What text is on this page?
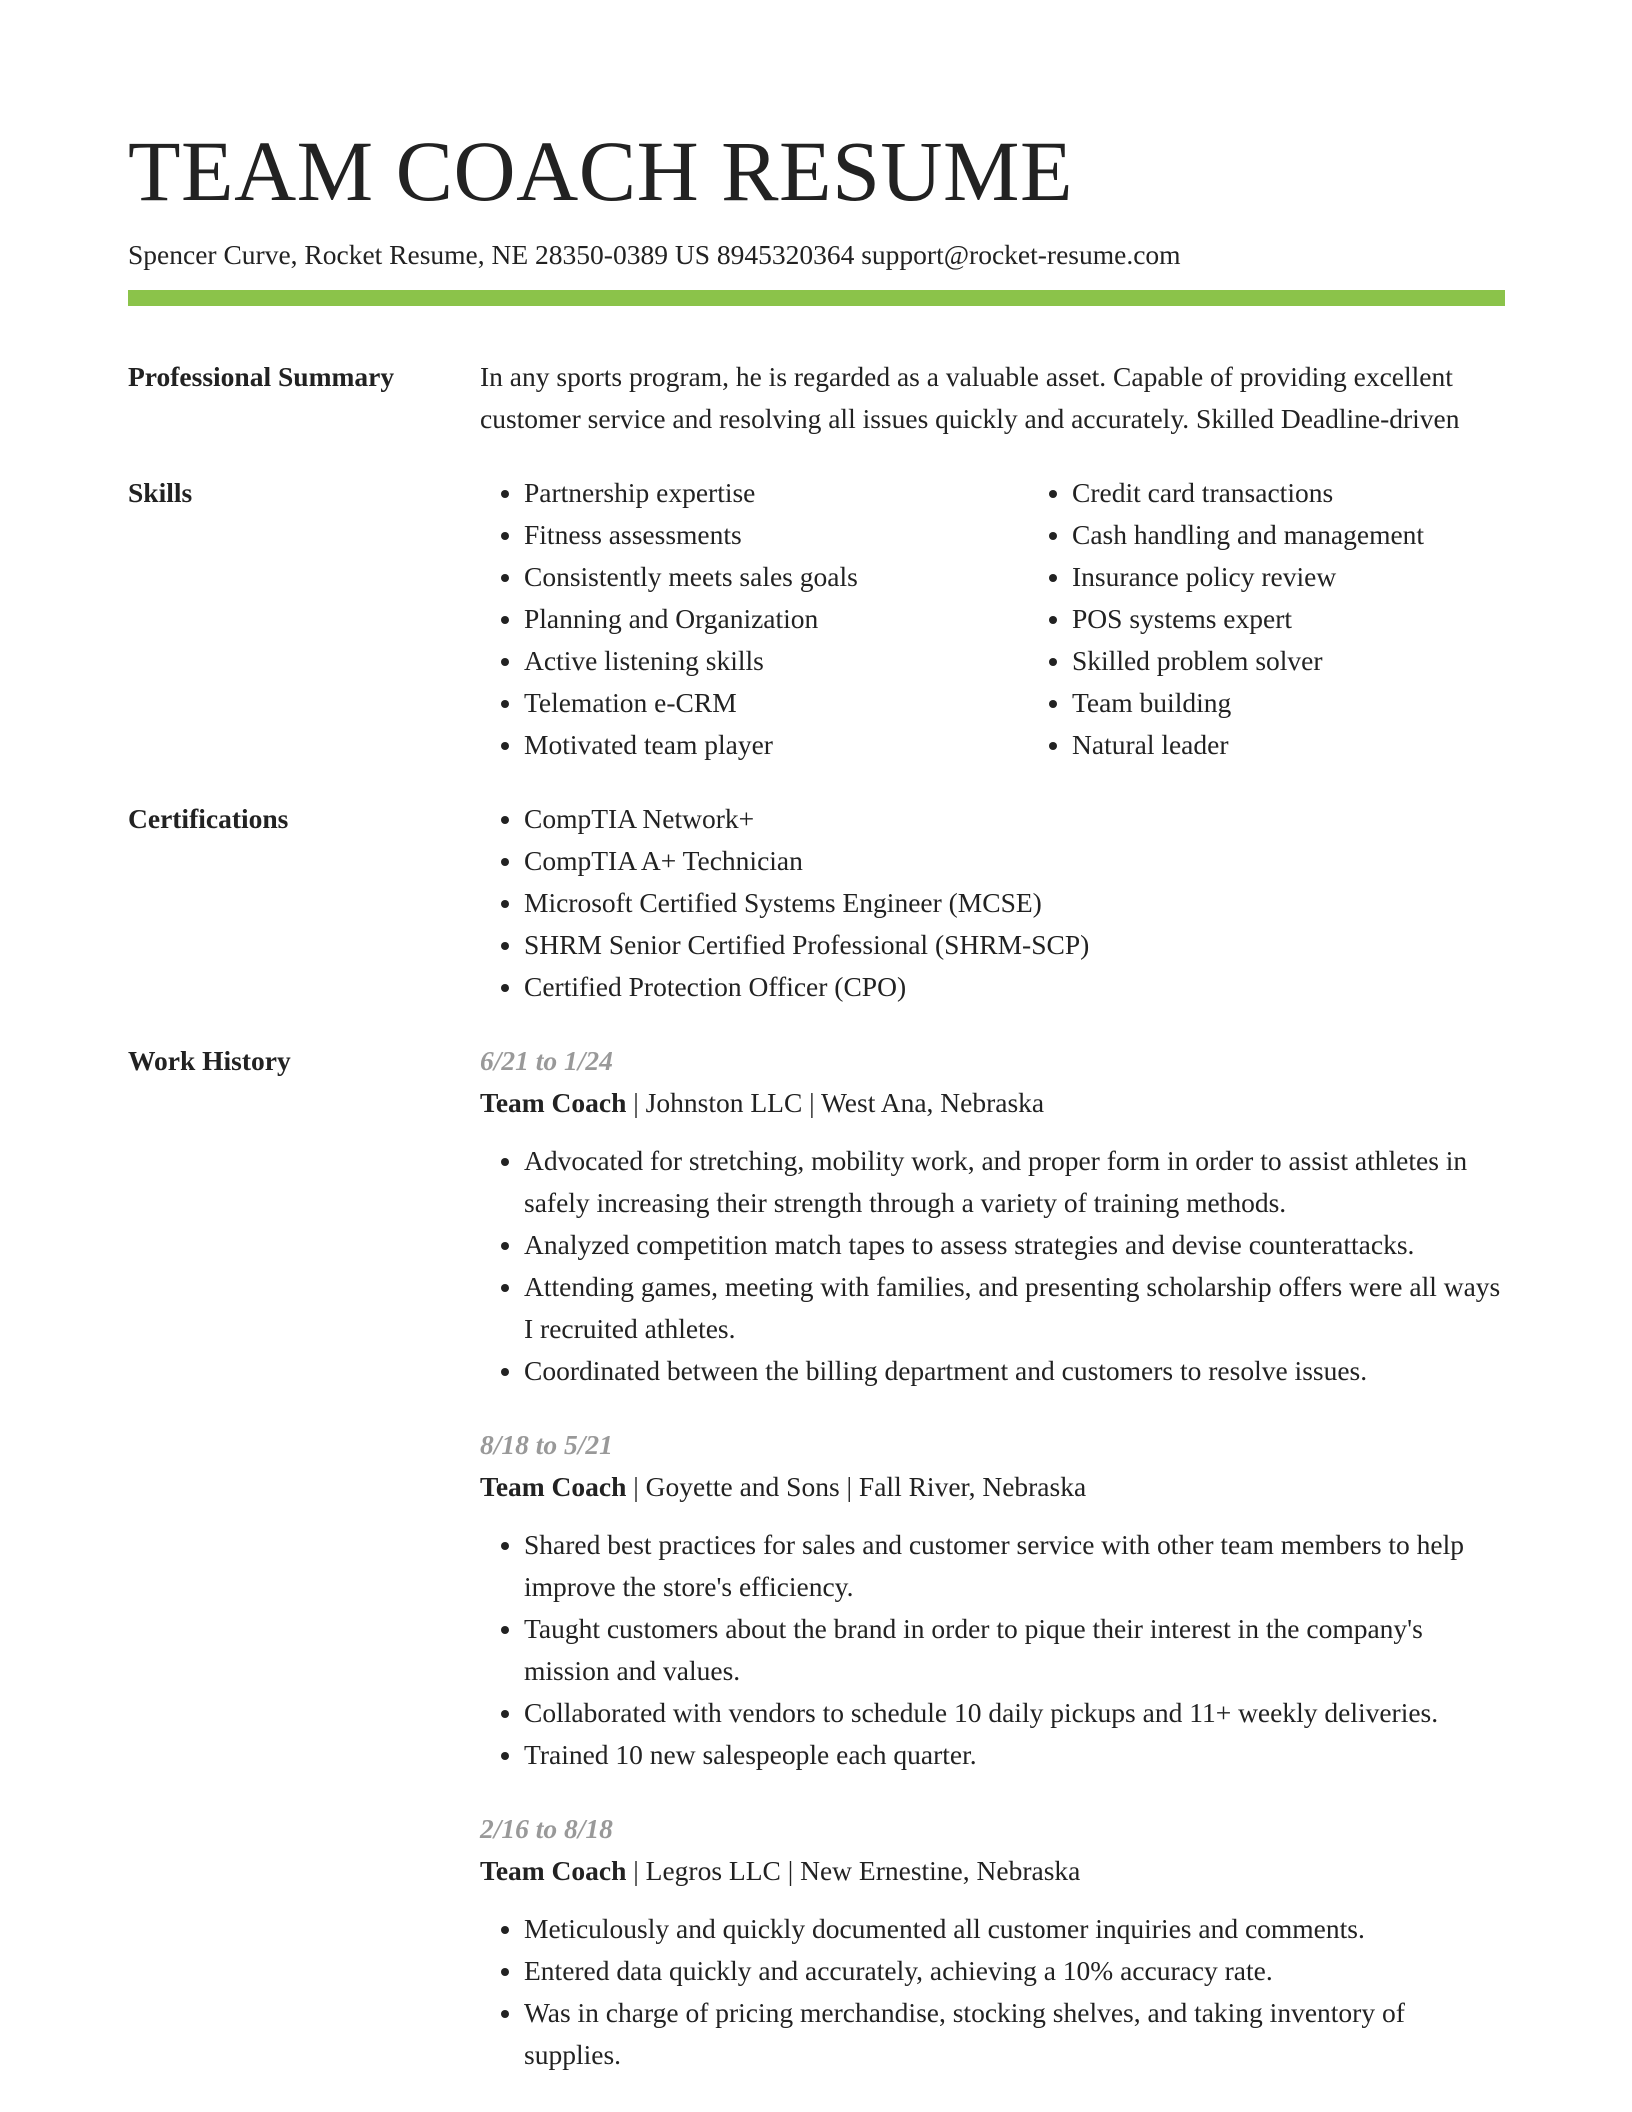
TEAM COACH RESUME
Spencer Curve, Rocket Resume, NE 28350-0389 US 8945320364 support@rocket-resume.com
Professional Summary	In any sports program, he is regarded as a valuable asset. Capable of providing excellent customer service and resolving all issues quickly and accurately. Skilled Deadline-driven
Skills	• Partnership expertise
• Fitness assessments
• Consistently meets sales goals
• Planning and Organization
• Active listening skills
• Telemation e-CRM
• Motivated team player
• Credit card transactions
• Cash handling and management
• Insurance policy review
• POS systems expert
• Skilled problem solver
• Team building
• Natural leader
Certifications	• CompTIA Network+
• CompTIA A+ Technician
• Microsoft Certified Systems Engineer (MCSE)
• SHRM Senior Certified Professional (SHRM-SCP)
• Certified Protection Officer (CPO)
Work History	6/21 to 1/24
Team Coach | Johnston LLC | West Ana, Nebraska
• Advocated for stretching, mobility work, and proper form in order to assist athletes in safely increasing their strength through a variety of training methods.
• Analyzed competition match tapes to assess strategies and devise counterattacks.
• Attending games, meeting with families, and presenting scholarship offers were all ways I recruited athletes.
• Coordinated between the billing department and customers to resolve issues.
8/18 to 5/21
Team Coach | Goyette and Sons | Fall River, Nebraska
• Shared best practices for sales and customer service with other team members to help improve the store's efficiency.
• Taught customers about the brand in order to pique their interest in the company's mission and values.
• Collaborated with vendors to schedule 10 daily pickups and 11+ weekly deliveries.
• Trained 10 new salespeople each quarter.
2/16 to 8/18
Team Coach | Legros LLC | New Ernestine, Nebraska
• Meticulously and quickly documented all customer inquiries and comments.
• Entered data quickly and accurately, achieving a 10% accuracy rate.
• Was in charge of pricing merchandise, stocking shelves, and taking inventory of supplies.
